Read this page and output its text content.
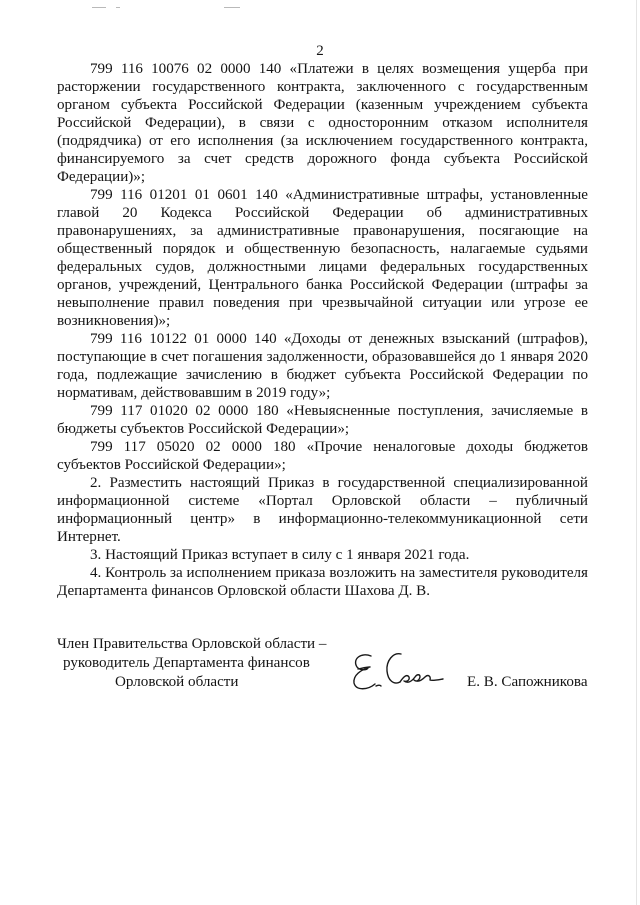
2

799 116 10076 02 0000 140 «Платежи в целях возмещения ущерба при расторжении государственного контракта, заключенного с государственным органом субъекта Российской Федерации (казенным учреждением субъекта Российской Федерации), в связи с односторонним отказом исполнителя (подрядчика) от его исполнения (за исключением государственного контракта, финансируемого за счет средств дорожного фонда субъекта Российской Федерации)»;

799 116 01201 01 0601 140 «Административные штрафы, установленные главой 20 Кодекса Российской Федерации об административных правонарушениях, за административные правонарушения, посягающие на общественный порядок и общественную безопасность, налагаемые судьями федеральных судов, должностными лицами федеральных государственных органов, учреждений, Центрального банка Российской Федерации (штрафы за невыполнение правил поведения при чрезвычайной ситуации или угрозе ее возникновения)»;

799 116 10122 01 0000 140 «Доходы от денежных взысканий (штрафов), поступающие в счет погашения задолженности, образовавшейся до 1 января 2020 года, подлежащие зачислению в бюджет субъекта Российской Федерации по нормативам, действовавшим в 2019 году»;

799 117 01020 02 0000 180 «Невыясненные поступления, зачисляемые в бюджеты субъектов Российской Федерации»;

799 117 05020 02 0000 180 «Прочие неналоговые доходы бюджетов субъектов Российской Федерации»;

2. Разместить настоящий Приказ в государственной специализированной информационной системе «Портал Орловской области – публичный информационный центр» в информационно-телекоммуникационной сети Интернет.

3. Настоящий Приказ вступает в силу с 1 января 2021 года.

4. Контроль за исполнением приказа возложить на заместителя руководителя Департамента финансов Орловской области Шахова Д. В.

Член Правительства Орловской области –
руководитель Департамента финансов
Орловской области	Е. В. Сапожникова
